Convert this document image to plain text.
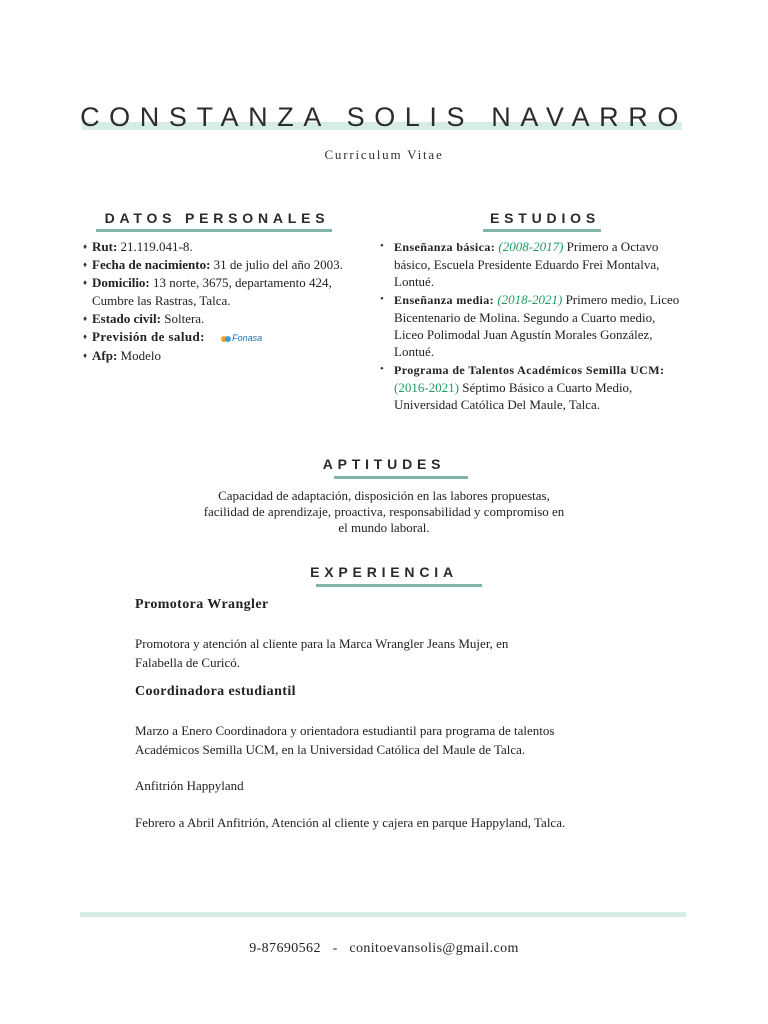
CONSTANZA SOLIS NAVARRO
Curriculum Vitae
DATOS PERSONALES
♦ Rut: 21.119.041-8.
♦ Fecha de nacimiento: 31 de julio del año 2003.
♦ Domicilio: 13 norte, 3675, departamento 424, Cumbre las Rastras, Talca.
♦ Estado civil: Soltera.
♦ Previsión de salud:	Fonasa
♦ Afp: Modelo
ESTUDIOS
• Enseñanza básica: (2008-2017) Primero a Octavo básico, Escuela Presidente Eduardo Frei Montalva, Lontué.
• Enseñanza media: (2018-2021) Primero medio, Liceo Bicentenario de Molina. Segundo a Cuarto medio, Liceo Polimodal Juan Agustín Morales González, Lontué.
• Programa de Talentos Académicos Semilla UCM: (2016-2021) Séptimo Básico a Cuarto Medio, Universidad Católica Del Maule, Talca.
APTITUDES
Capacidad de adaptación, disposición en las labores propuestas,
facilidad de aprendizaje, proactiva, responsabilidad y compromiso en
el mundo laboral.
EXPERIENCIA
Promotora Wrangler
Promotora y atención al cliente para la Marca Wrangler Jeans Mujer, en
Falabella de Curicó.
Coordinadora estudiantil
Marzo a Enero Coordinadora y orientadora estudiantil para programa de talentos
Académicos Semilla UCM, en la Universidad Católica del Maule de Talca.
Anfitrión Happyland
Febrero a Abril Anfitrión, Atención al cliente y cajera en parque Happyland, Talca.
9-87690562 - conitoevansolis@gmail.com
